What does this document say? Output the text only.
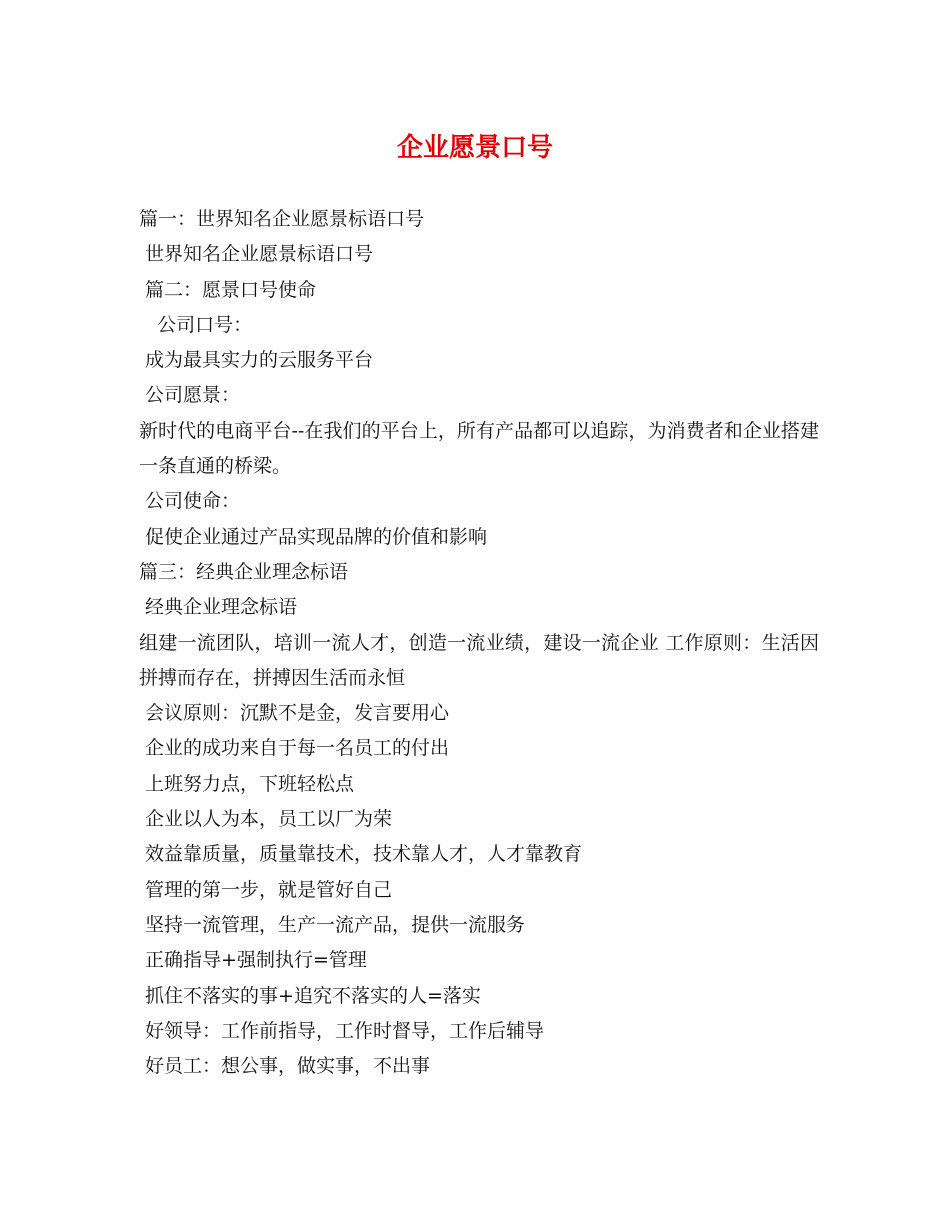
企业愿景口号

篇一：世界知名企业愿景标语口号

世界知名企业愿景标语口号

篇二：愿景口号使命

公司口号：

成为最具实力的云服务平台

公司愿景：

新时代的电商平台--在我们的平台上，所有产品都可以追踪，为消费者和企业搭建一条直通的桥梁。

公司使命：

促使企业通过产品实现品牌的价值和影响

篇三：经典企业理念标语

经典企业理念标语

组建一流团队，培训一流人才，创造一流业绩，建设一流企业 工作原则：生活因拼搏而存在，拼搏因生活而永恒

会议原则：沉默不是金，发言要用心

企业的成功来自于每一名员工的付出

上班努力点，下班轻松点

企业以人为本，员工以厂为荣

效益靠质量，质量靠技术，技术靠人才，人才靠教育

管理的第一步，就是管好自己

坚持一流管理，生产一流产品，提供一流服务

正确指导+强制执行=管理

抓住不落实的事+追究不落实的人=落实

好领导：工作前指导，工作时督导，工作后辅导

好员工：想公事，做实事，不出事
